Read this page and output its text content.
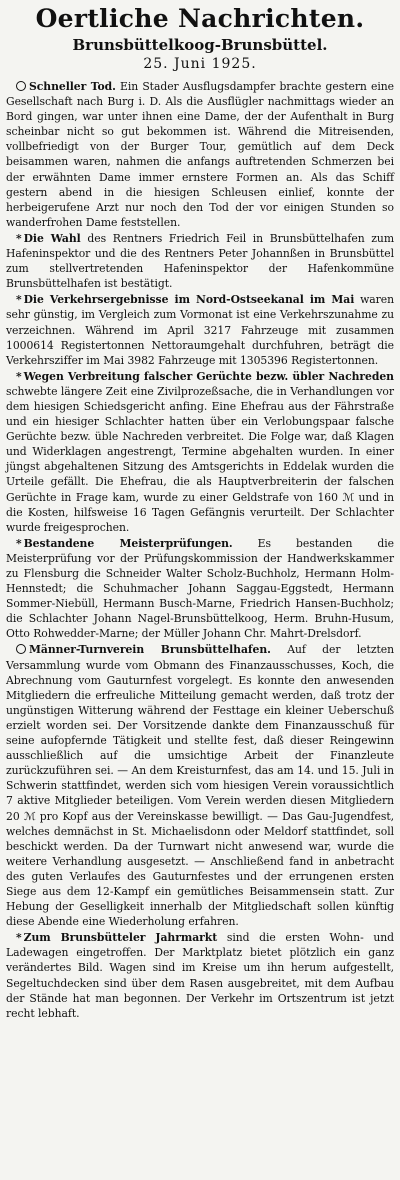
Oertliche Nachrichten.
Brunsbüttelkoog-Brunsbüttel.
25. Juni 1925.

Schneller Tod. Ein Stader Ausflugsdampfer brachte gestern eine Gesellschaft nach Burg i. D. Als die Ausflügler nachmittags wieder an Bord gingen, war unter ihnen eine Dame, der der Aufenthalt in Burg scheinbar nicht so gut bekommen ist. Während die Mitreisenden, vollbefriedigt von der Burger Tour, gemütlich auf dem Deck beisammen waren, nahmen die anfangs auftretenden Schmerzen bei der erwähnten Dame immer ernstere Formen an. Als das Schiff gestern abend in die hiesigen Schleusen einlief, konnte der herbeigerufene Arzt nur noch den Tod der vor einigen Stunden so wanderfrohen Dame feststellen.

* Die Wahl des Rentners Friedrich Feil in Brunsbüttelhafen zum Hafeninspektor und die des Rentners Peter Johannßen in Brunsbüttel zum stellvertretenden Hafeninspektor der Hafenkommüne Brunsbüttelhafen ist bestätigt.

* Die Verkehrsergebnisse im Nord-Ostseekanal im Mai waren sehr günstig, im Vergleich zum Vormonat ist eine Verkehrszunahme zu verzeichnen. Während im April 3217 Fahrzeuge mit zusammen 1000614 Registertonnen Nettoraumgehalt durchfuhren, beträgt die Verkehrsziffer im Mai 3982 Fahrzeuge mit 1305396 Registertonnen.

* Wegen Verbreitung falscher Gerüchte bezw. übler Nachreden schwebte längere Zeit eine Zivilprozeßsache, die in Verhandlungen vor dem hiesigen Schiedsgericht anfing. Eine Ehefrau aus der Fährstraße und ein hiesiger Schlachter hatten über ein Verlobungspaar falsche Gerüchte bezw. üble Nachreden verbreitet. Die Folge war, daß Klagen und Widerklagen angestrengt, Termine abgehalten wurden. In einer jüngst abgehaltenen Sitzung des Amtsgerichts in Eddelak wurden die Urteile gefällt. Die Ehefrau, die als Hauptverbreiterin der falschen Gerüchte in Frage kam, wurde zu einer Geldstrafe von 160 ℳ und in die Kosten, hilfsweise 16 Tagen Gefängnis verurteilt. Der Schlachter wurde freigesprochen.

* Bestandene Meisterprüfungen. Es bestanden die Meisterprüfung vor der Prüfungskommission der Handwerkskammer zu Flensburg die Schneider Walter Scholz-Buchholz, Hermann Holm-Hennstedt; die Schuhmacher Johann Saggau-Eggstedt, Hermann Sommer-Niebüll, Hermann Busch-Marne, Friedrich Hansen-Buchholz; die Schlachter Johann Nagel-Brunsbüttelkoog, Herm. Bruhn-Husum, Otto Rohwedder-Marne; der Müller Johann Chr. Mahrt-Drelsdorf.

Männer-Turnverein Brunsbüttelhafen. Auf der letzten Versammlung wurde vom Obmann des Finanzausschusses, Koch, die Abrechnung vom Gauturnfest vorgelegt. Es konnte den anwesenden Mitgliedern die erfreuliche Mitteilung gemacht werden, daß trotz der ungünstigen Witterung während der Festtage ein kleiner Ueberschuß erzielt worden sei. Der Vorsitzende dankte dem Finanzausschuß für seine aufopfernde Tätigkeit und stellte fest, daß dieser Reingewinn ausschließlich auf die umsichtige Arbeit der Finanzleute zurückzuführen sei. — An dem Kreisturnfest, das am 14. und 15. Juli in Schwerin stattfindet, werden sich vom hiesigen Verein voraussichtlich 7 aktive Mitglieder beteiligen. Vom Verein werden diesen Mitgliedern 20 ℳ pro Kopf aus der Vereinskasse bewilligt. — Das Gau-Jugendfest, welches demnächst in St. Michaelisdonn oder Meldorf stattfindet, soll beschickt werden. Da der Turnwart nicht anwesend war, wurde die weitere Verhandlung ausgesetzt. — Anschließend fand in anbetracht des guten Verlaufes des Gauturnfestes und der errungenen ersten Siege aus dem 12-Kampf ein gemütliches Beisammensein statt. Zur Hebung der Geselligkeit innerhalb der Mitgliedschaft sollen künftig diese Abende eine Wiederholung erfahren.

* Zum Brunsbütteler Jahrmarkt sind die ersten Wohn- und Ladewagen eingetroffen. Der Marktplatz bietet plötzlich ein ganz verändertes Bild. Wagen sind im Kreise um ihn herum aufgestellt, Segeltuchdecken sind über dem Rasen ausgebreitet, mit dem Aufbau der Stände hat man begonnen. Der Verkehr im Ortszentrum ist jetzt recht lebhaft.
